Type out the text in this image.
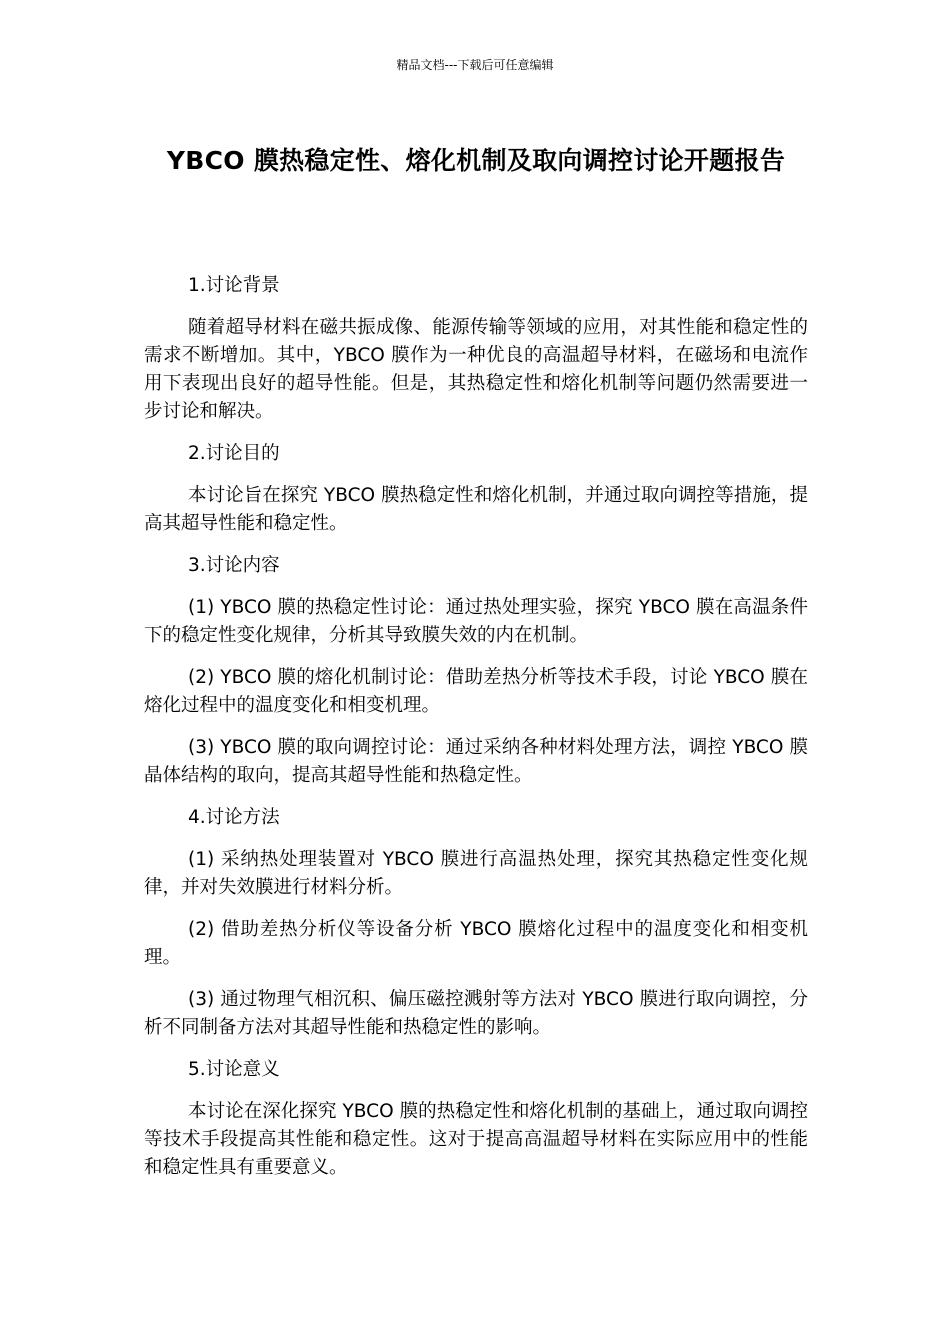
精品文档---下载后可任意编辑
YBCO 膜热稳定性、熔化机制及取向调控讨论开题报告

1.讨论背景

随着超导材料在磁共振成像、能源传输等领域的应用，对其性能和稳定性的需求不断增加。其中，YBCO 膜作为一种优良的高温超导材料，在磁场和电流作用下表现出良好的超导性能。但是，其热稳定性和熔化机制等问题仍然需要进一步讨论和解决。

2.讨论目的

本讨论旨在探究 YBCO 膜热稳定性和熔化机制，并通过取向调控等措施，提高其超导性能和稳定性。

3.讨论内容

(1) YBCO 膜的热稳定性讨论：通过热处理实验，探究 YBCO 膜在高温条件下的稳定性变化规律，分析其导致膜失效的内在机制。

(2) YBCO 膜的熔化机制讨论：借助差热分析等技术手段，讨论 YBCO 膜在熔化过程中的温度变化和相变机理。

(3) YBCO 膜的取向调控讨论：通过采纳各种材料处理方法，调控 YBCO 膜晶体结构的取向，提高其超导性能和热稳定性。

4.讨论方法

(1) 采纳热处理装置对 YBCO 膜进行高温热处理，探究其热稳定性变化规律，并对失效膜进行材料分析。

(2) 借助差热分析仪等设备分析 YBCO 膜熔化过程中的温度变化和相变机理。

(3) 通过物理气相沉积、偏压磁控溅射等方法对 YBCO 膜进行取向调控，分析不同制备方法对其超导性能和热稳定性的影响。

5.讨论意义

本讨论在深化探究 YBCO 膜的热稳定性和熔化机制的基础上，通过取向调控等技术手段提高其性能和稳定性。这对于提高高温超导材料在实际应用中的性能和稳定性具有重要意义。
